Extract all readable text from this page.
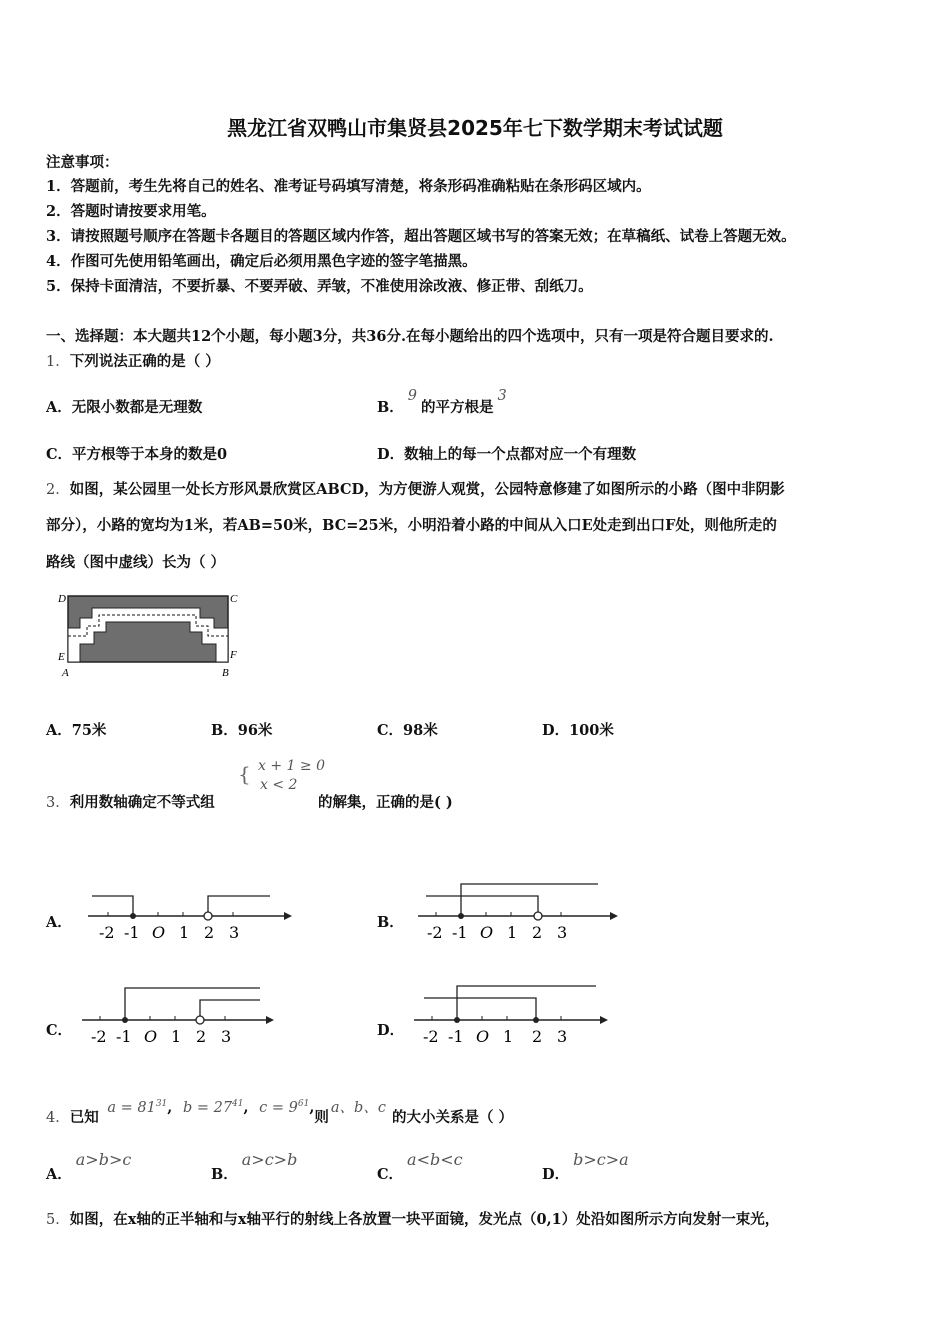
黑龙江省双鸭山市集贤县2025年七下数学期末考试试题
注意事项：
1．答题前，考生先将自己的姓名、准考证号码填写清楚，将条形码准确粘贴在条形码区域内。
2．答题时请按要求用笔。
3．请按照题号顺序在答题卡各题目的答题区域内作答，超出答题区域书写的答案无效；在草稿纸、试卷上答题无效。
4．作图可先使用铅笔画出，确定后必须用黑色字迹的签字笔描黑。
5．保持卡面清洁，不要折暴、不要弄破、弄皱，不准使用涂改液、修正带、刮纸刀。
一、选择题：本大题共12个小题，每小题3分，共36分.在每小题给出的四个选项中，只有一项是符合题目要求的.
1．下列说法正确的是（ ）
A．无限小数都是无理数	B．9的平方根是3
C．平方根等于本身的数是0	D．数轴上的每一个点都对应一个有理数
2．如图，某公园里一处长方形风景欣赏区ABCD，为方便游人观赏，公园特意修建了如图所示的小路（图中非阴影
部分），小路的宽均为1米，若AB=50米，BC=25米，小明沿着小路的中间从入口E处走到出口F处，则他所走的
路线（图中虚线）长为（ ）
D	C
E	F
A	B
A．75米	B．96米	C．98米	D．100米
3．利用数轴确定不等式组
{ x + 1 ≥ 0
x < 2
的解集，正确的是( )
A．	B．
C．	D．
-2 -1 O 1 2 3	-2 -1 O 1 2 3
-2 -1 O 1 2 3	-2 -1 O 1 2 3
4．已知 $a = 81^{31}$, $b = 27^{41}$, $c = 9^{61}$,则a、b、c的大小关系是（ ）
A．a>b>c
B．a>c>b
C．a<b<c
D．b>c>a
5．如图，在x轴的正半轴和与x轴平行的射线上各放置一块平面镜，发光点（0,1）处沿如图所示方向发射一束光，
